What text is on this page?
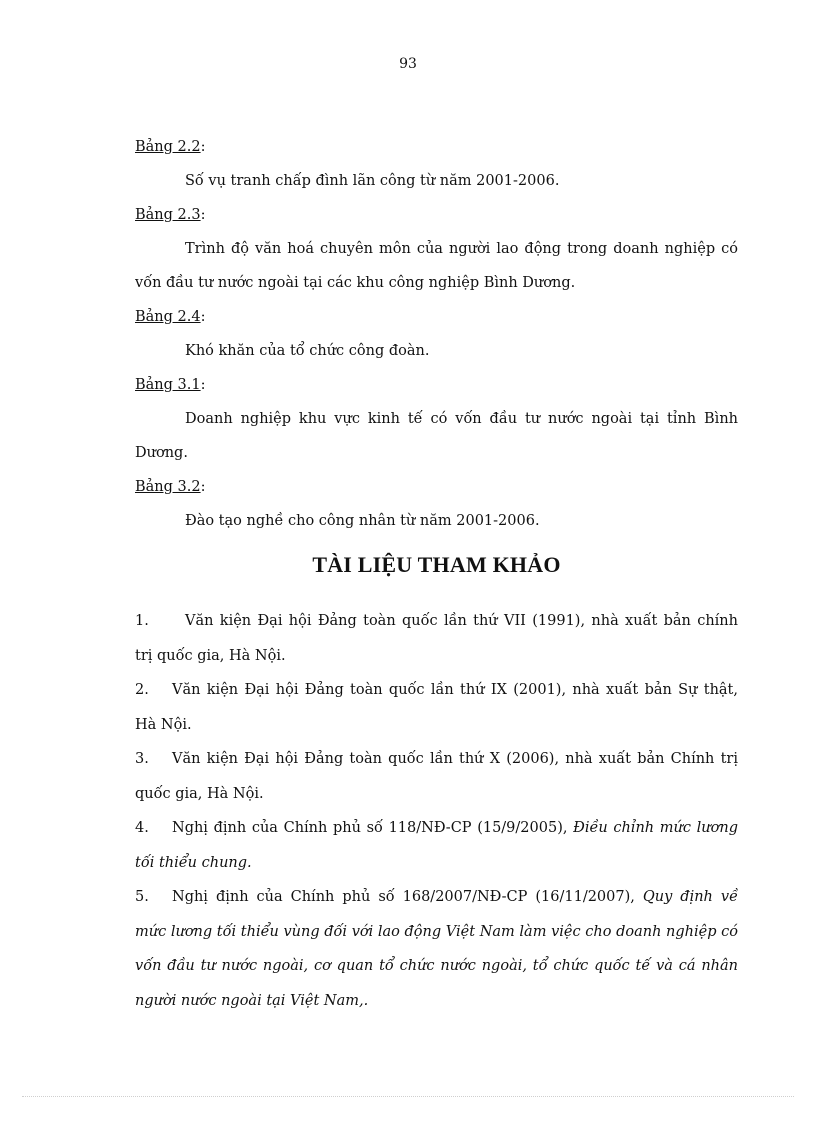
93
Bảng 2.2:
Số vụ tranh chấp đình lãn công từ năm 2001-2006.
Bảng 2.3:
Trình độ văn hoá chuyên môn của người lao động trong doanh nghiệp có
vốn đầu tư nước ngoài tại các khu công nghiệp Bình Dương.
Bảng 2.4:
Khó khăn của tổ chức công đoàn.
Bảng 3.1:
Doanh nghiệp khu vực kinh tế có vốn đầu tư nước ngoài tại tỉnh Bình
Dương.
Bảng 3.2:
Đào tạo nghề cho công nhân từ năm 2001-2006.
TÀI LIỆU THAM KHẢO
1. Văn kiện Đại hội Đảng toàn quốc lần thứ VII (1991), nhà xuất bản chính
trị quốc gia, Hà Nội.
2. Văn kiện Đại hội Đảng toàn quốc lần thứ IX (2001), nhà xuất bản Sự thật,
Hà Nội.
3. Văn kiện Đại hội Đảng toàn quốc lần thứ X (2006), nhà xuất bản Chính trị
quốc gia, Hà Nội.
4. Nghị định của Chính phủ số 118/NĐ-CP (15/9/2005), Điều chỉnh mức lương
tối thiểu chung.
5. Nghị định của Chính phủ số 168/2007/NĐ-CP (16/11/2007), Quy định về
mức lương tối thiểu vùng đối với lao động Việt Nam làm việc cho doanh nghiệp có
vốn đầu tư nước ngoài, cơ quan tổ chức nước ngoài, tổ chức quốc tế và cá nhân
người nước ngoài tại Việt Nam,.
